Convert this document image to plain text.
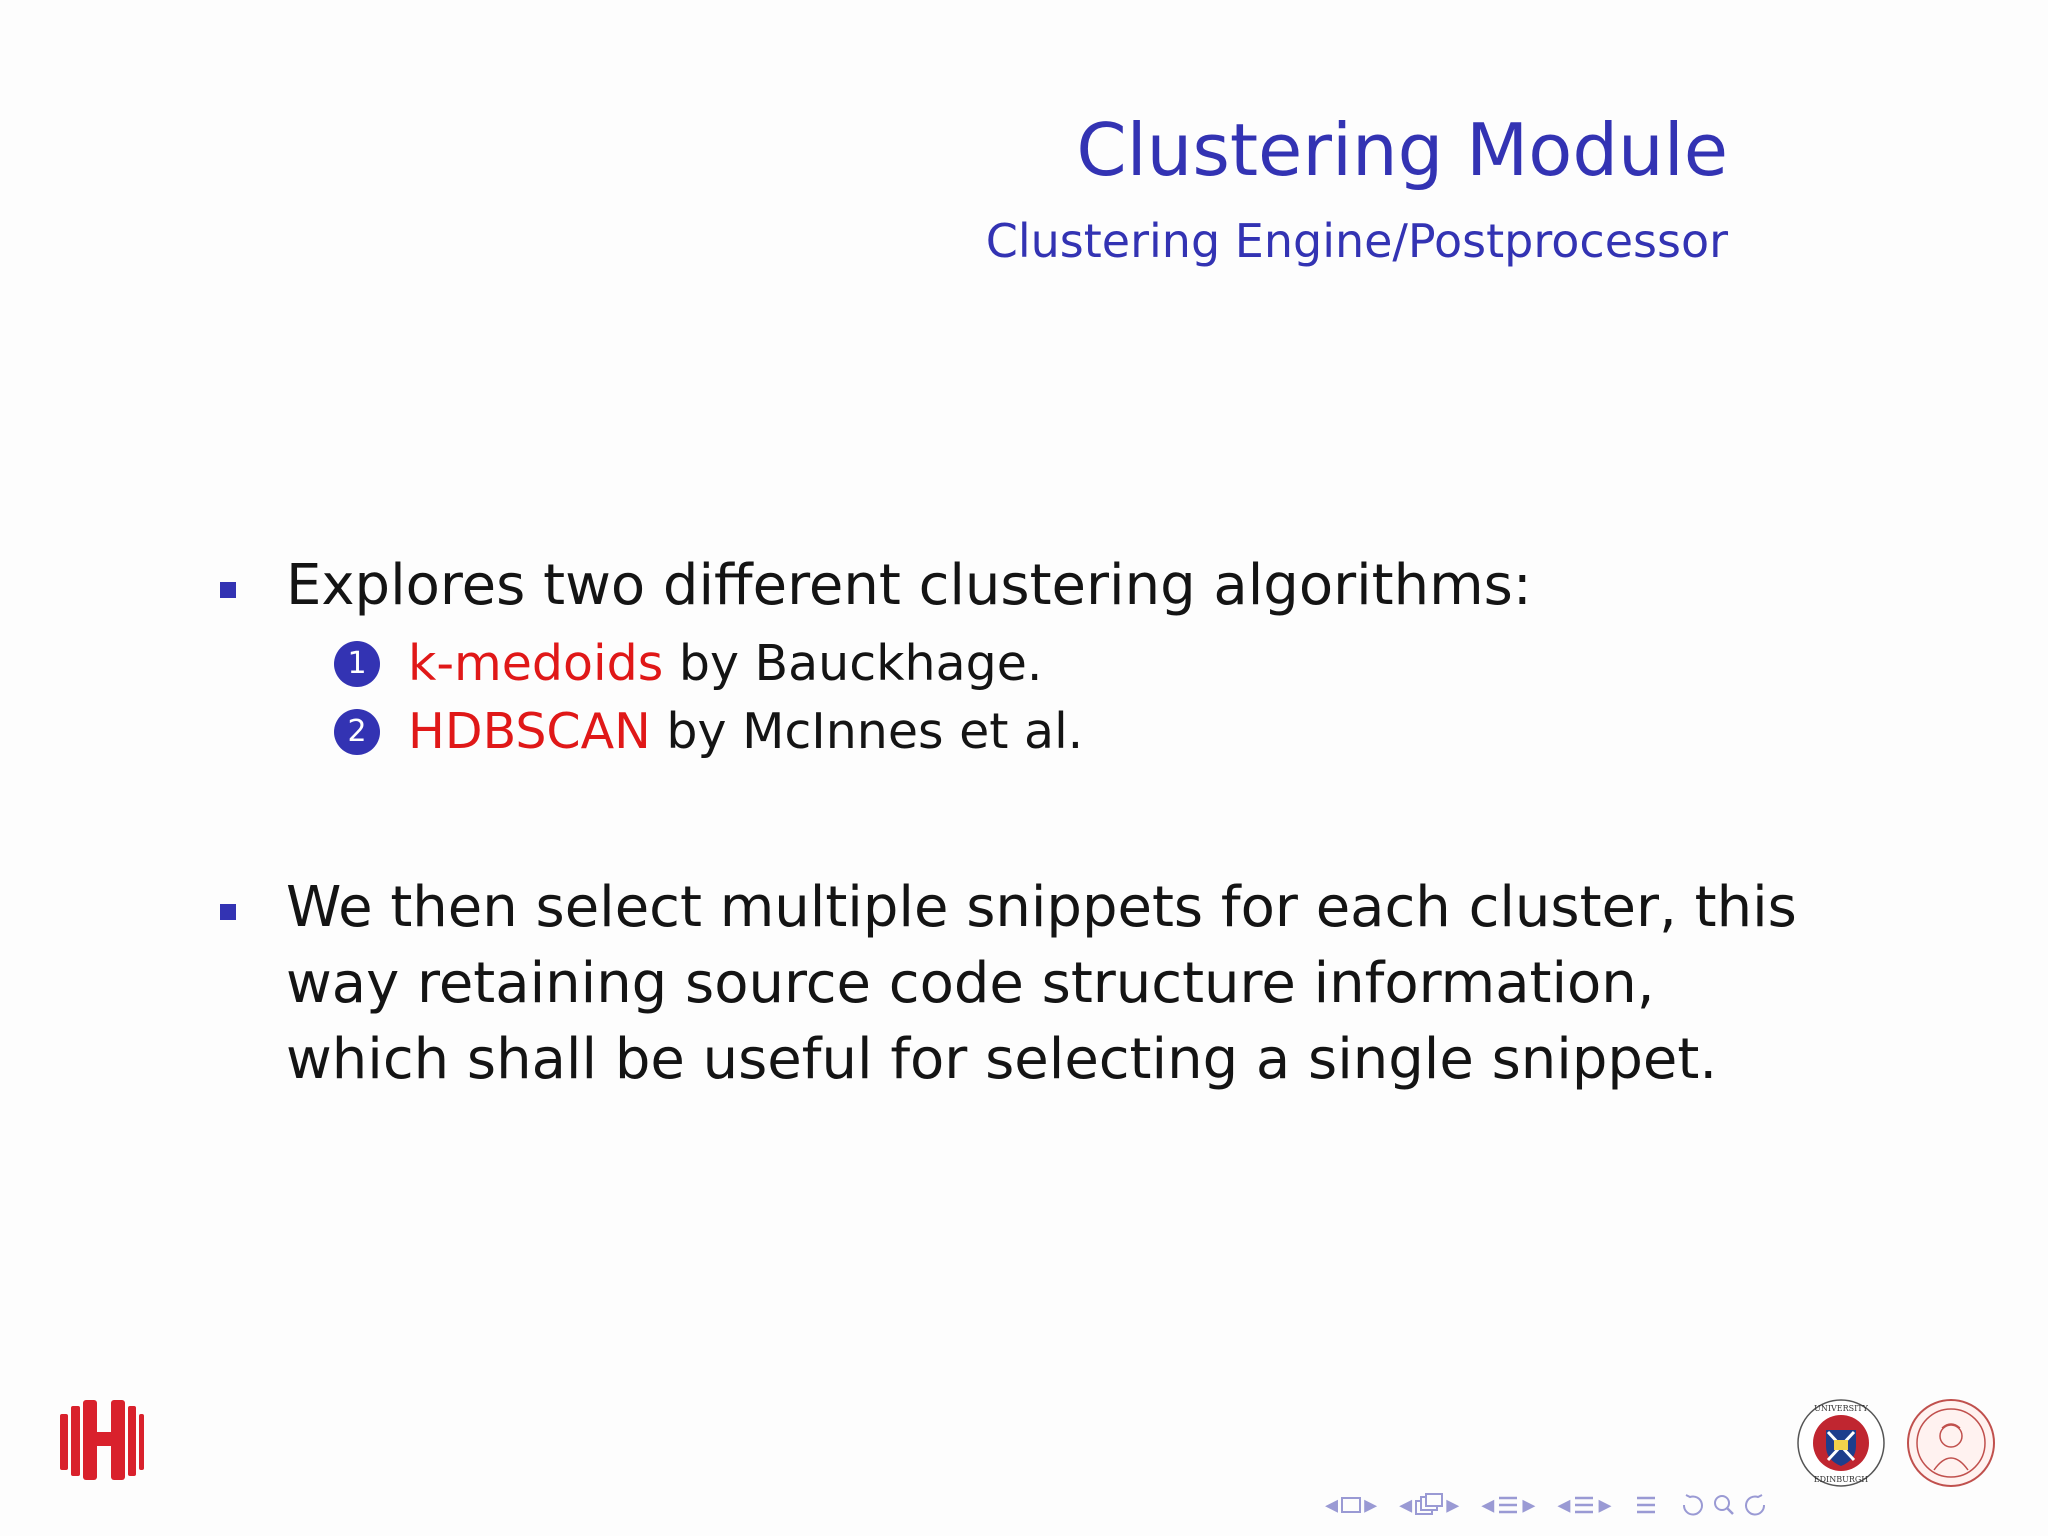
Clustering Module
Clustering Engine/Postprocessor
Explores two different clustering algorithms:
1 k-medoids by Bauckhage.
2 HDBSCAN by McInnes et al.
We then select multiple snippets for each cluster, this way retaining source code structure information, which shall be useful for selecting a single snippet.
UNIVERSITY
EDINBURGH
◂ ▸ ◂ ▸ ◂ ▸ ◂ ▸
